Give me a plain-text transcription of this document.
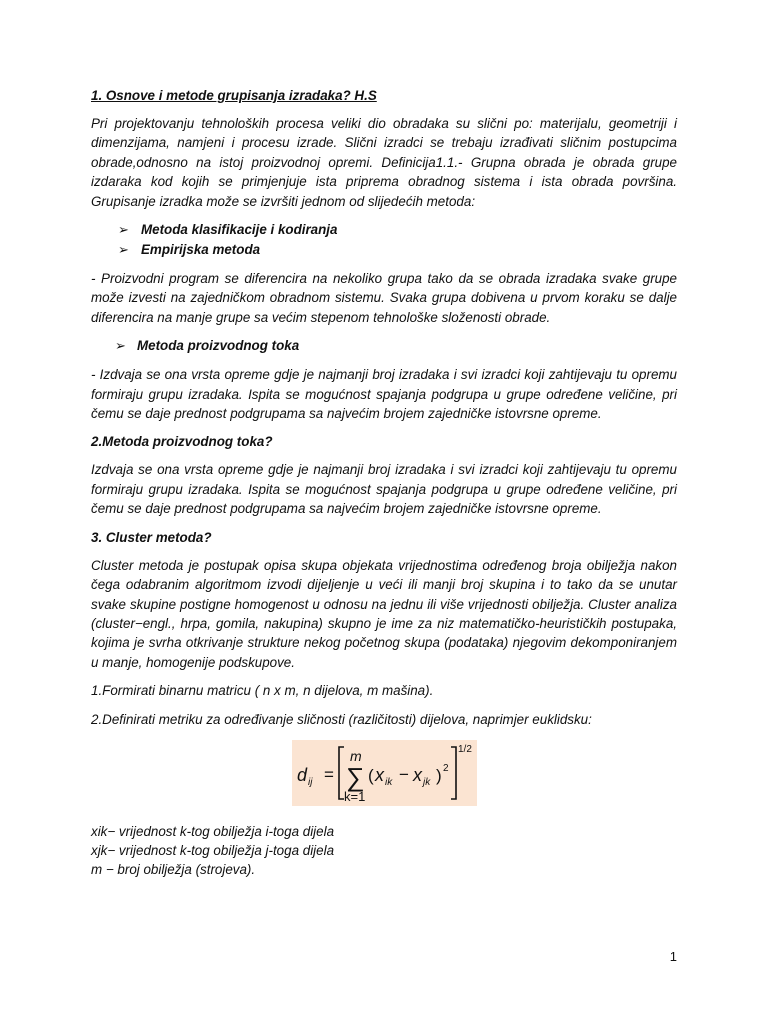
1. Osnove i metode grupisanja izradaka? H.S

Pri projektovanju tehnoloških procesa veliki dio obradaka su slični po: materijalu, geometriji i dimenzijama, namjeni i procesu izrade. Slični izradci se trebaju izrađivati sličnim postupcima obrade,odnosno na istoj proizvodnoj opremi. Definicija1.1.- Grupna obrada je obrada grupe izdaraka kod kojih se primjenjuje ista priprema obradnog sistema i ista obrada površina. Grupisanje izradka može se izvršiti jednom od slijedećih metoda:

➢ Metoda klasifikacije i kodiranja
➢ Empirijska metoda

- Proizvodni program se diferencira na nekoliko grupa tako da se obrada izradaka svake grupe može izvesti na zajedničkom obradnom sistemu. Svaka grupa dobivena u prvom koraku se dalje diferencira na manje grupe sa većim stepenom tehnološke složenosti obrade.

➢ Metoda proizvodnog toka

- Izdvaja se ona vrsta opreme gdje je najmanji broj izradaka i svi izradci koji zahtijevaju tu opremu formiraju grupu izradaka. Ispita se mogućnost spajanja podgrupa u grupe određene veličine, pri čemu se daje prednost podgrupama sa najvećim brojem zajedničke istovrsne opreme.

2.Metoda proizvodnog toka?

Izdvaja se ona vrsta opreme gdje je najmanji broj izradaka i svi izradci koji zahtijevaju tu opremu formiraju grupu izradaka. Ispita se mogućnost spajanja podgrupa u grupe određene veličine, pri čemu se daje prednost podgrupama sa najvećim brojem zajedničke istovrsne opreme.

3. Cluster metoda?

Cluster metoda je postupak opisa skupa objekata vrijednostima određenog broja obilježja nakon čega odabranim algoritmom izvodi dijeljenje u veći ili manji broj skupina i to tako da se unutar svake skupine postigne homogenost u odnosu na jednu ili više vrijednosti obilježja. Cluster analiza (cluster−engl., hrpa, gomila, nakupina) skupno je ime za niz matematičko-heurističkih postupaka, kojima je svrha otkrivanje strukture nekog početnog skupa (podataka) njegovim dekomponiranjem u manje, homogenije podskupove.

1.Formirati binarnu matricu ( n x m, n dijelova, m mašina).

2.Definirati metriku za određivanje sličnosti (različitosti) dijelova, naprimjer euklidsku:

d ij =
m
∑
k=1
( x ik − x jk ) 2
1/2

xik− vrijednost k-tog obilježja i-toga dijela

xjk− vrijednost k-tog obilježja j-toga dijela

m − broj obilježja (strojeva).

1
